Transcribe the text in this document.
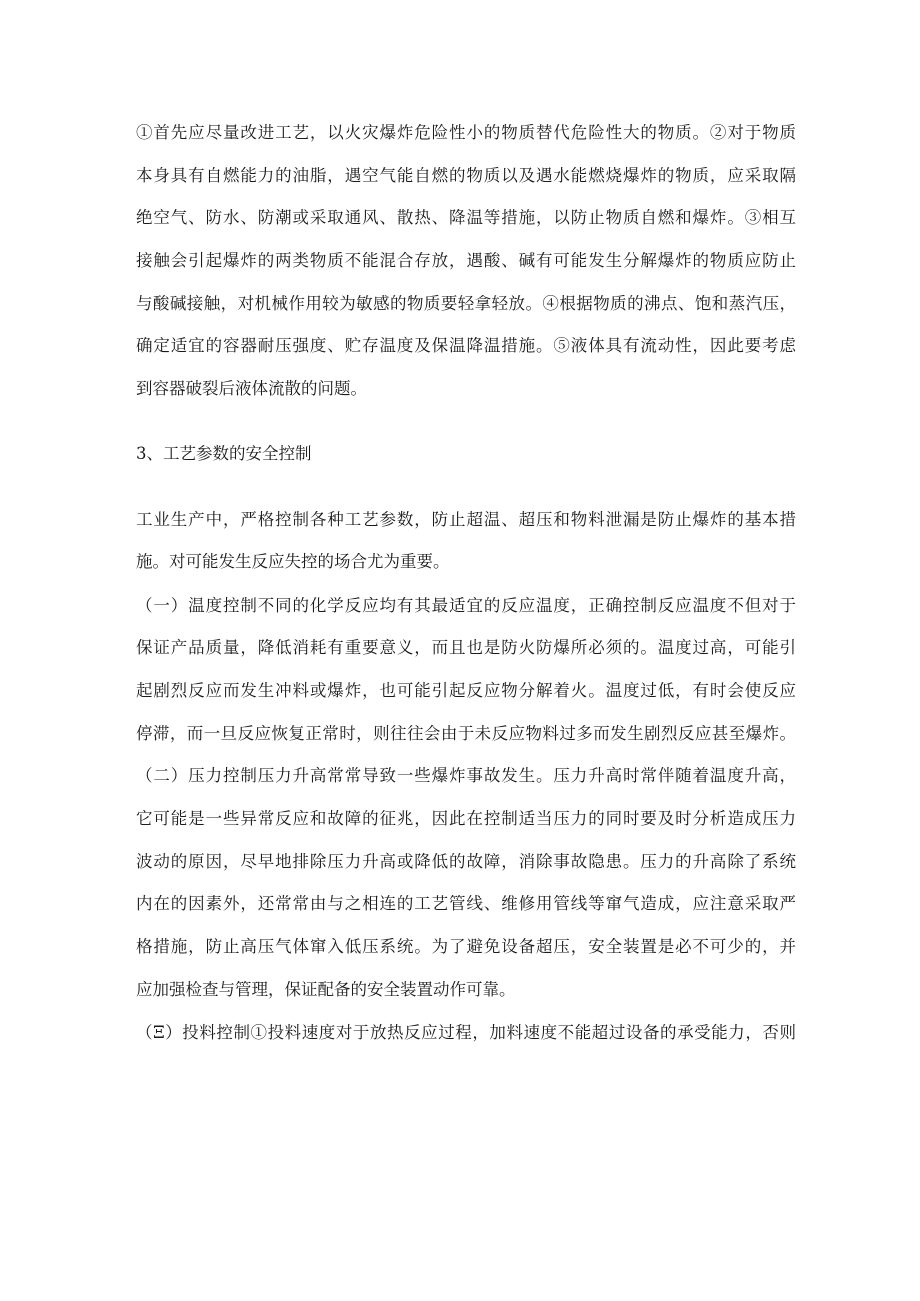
①首先应尽量改进工艺，以火灾爆炸危险性小的物质替代危险性大的物质。②对于物质
本身具有自燃能力的油脂，遇空气能自燃的物质以及遇水能燃烧爆炸的物质，应采取隔
绝空气、防水、防潮或采取通风、散热、降温等措施，以防止物质自燃和爆炸。③相互
接触会引起爆炸的两类物质不能混合存放，遇酸、碱有可能发生分解爆炸的物质应防止
与酸碱接触，对机械作用较为敏感的物质要轻拿轻放。④根据物质的沸点、饱和蒸汽压，
确定适宜的容器耐压强度、贮存温度及保温降温措施。⑤液体具有流动性，因此要考虑
到容器破裂后液体流散的问题。
3、工艺参数的安全控制
工业生产中，严格控制各种工艺参数，防止超温、超压和物料泄漏是防止爆炸的基本措
施。对可能发生反应失控的场合尤为重要。
（一）温度控制不同的化学反应均有其最适宜的反应温度，正确控制反应温度不但对于
保证产品质量，降低消耗有重要意义，而且也是防火防爆所必须的。温度过高，可能引
起剧烈反应而发生冲料或爆炸，也可能引起反应物分解着火。温度过低，有时会使反应
停滞，而一旦反应恢复正常时，则往往会由于未反应物料过多而发生剧烈反应甚至爆炸。
（二）压力控制压力升高常常导致一些爆炸事故发生。压力升高时常伴随着温度升高，
它可能是一些异常反应和故障的征兆，因此在控制适当压力的同时要及时分析造成压力
波动的原因，尽早地排除压力升高或降低的故障，消除事故隐患。压力的升高除了系统
内在的因素外，还常常由与之相连的工艺管线、维修用管线等窜气造成，应注意采取严
格措施，防止高压气体窜入低压系统。为了避免设备超压，安全装置是必不可少的，并
应加强检查与管理，保证配备的安全装置动作可靠。
（Ξ）投料控制①投料速度对于放热反应过程，加料速度不能超过设备的承受能力，否则
